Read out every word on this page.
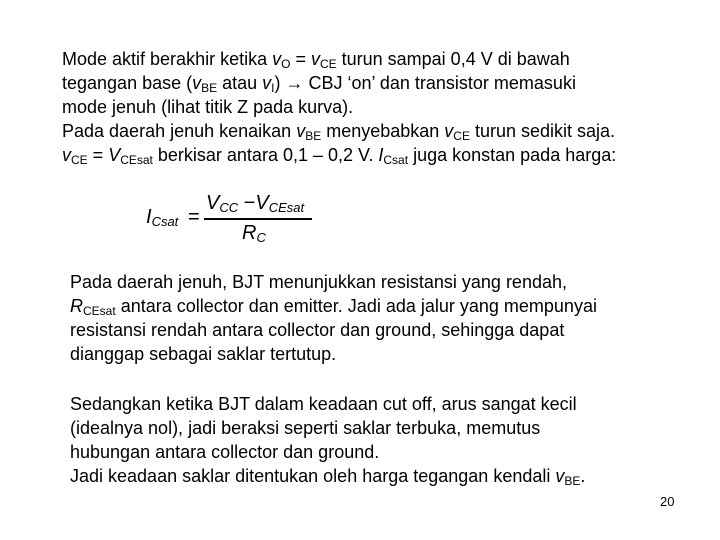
Mode aktif berakhir ketika $v_O = v_{CE}$ turun sampai 0,4 V di bawah
tegangan base ($v_{BE}$ atau $v_I$) → CBJ ‘on’ dan transistor memasuki
mode jenuh (lihat titik Z pada kurva).
Pada daerah jenuh kenaikan $v_{BE}$ menyebabkan $v_{CE}$ turun sedikit saja.
$v_{CE} = V_{CEsat}$ berkisar antara 0,1 – 0,2 V. $I_{Csat}$ juga konstan pada harga:
$I_{Csat}$ =
$V_{CC} -V_{CEsat}$
$R_C$
Pada daerah jenuh, BJT menunjukkan resistansi yang rendah,
$R_{CEsat}$ antara collector dan emitter. Jadi ada jalur yang mempunyai
resistansi rendah antara collector dan ground, sehingga dapat
dianggap sebagai saklar tertutup.
Sedangkan ketika BJT dalam keadaan cut off, arus sangat kecil
(idealnya nol), jadi beraksi seperti saklar terbuka, memutus
hubungan antara collector dan ground.
Jadi keadaan saklar ditentukan oleh harga tegangan kendali $v_{BE}$.
20
